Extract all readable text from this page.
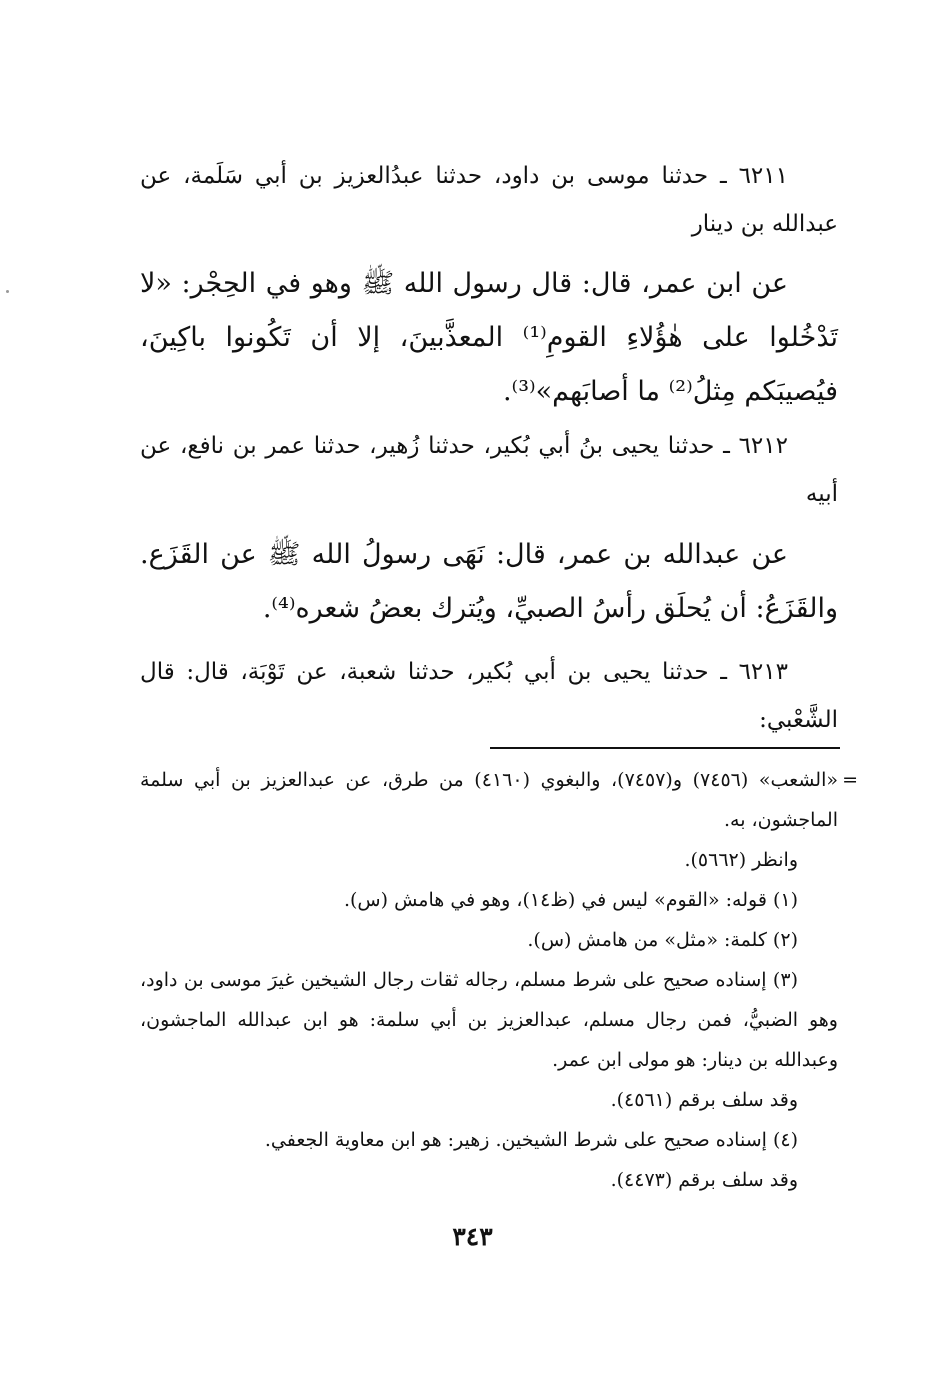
٦٢١١ ـ حدثنا موسى بن داود، حدثنا عبدُالعزيز بن أبي سَلَمة، عن عبدالله بن دينار
عن ابن عمر، قال: قال رسول الله ﷺ وهو في الحِجْر: «لا تَدْخُلوا على هٰؤُلاءِ القومِ⁽¹⁾ المعذَّبينَ، إلا أن تَكُونوا باكِينَ، فيُصيبَكم مِثلُ⁽²⁾ ما أصابَهم»⁽³⁾.
٦٢١٢ ـ حدثنا يحيى بنُ أبي بُكير، حدثنا زُهير، حدثنا عمر بن نافع، عن أبيه
عن عبدالله بن عمر، قال: نَهَى رسولُ الله ﷺ عن القَزَع. والقَزَعُ: أن يُحلَق رأسُ الصبيِّ، ويُترك بعضُ شعره⁽⁴⁾.
٦٢١٣ ـ حدثنا يحيى بن أبي بُكير، حدثنا شعبة، عن تَوْبَة، قال: قال الشَّعْبي:

=
«الشعب» (٧٤٥٦) و(٧٤٥٧)، والبغوي (٤١٦٠) من طرق، عن عبدالعزيز بن أبي سلمة الماجشون، به.

وانظر (٥٦٦٢).

(١) قوله: «القوم» ليس في (ظ١٤)، وهو في هامش (س).

(٢) كلمة: «مثل» من هامش (س).

(٣) إسناده صحيح على شرط مسلم، رجاله ثقات رجال الشيخين غيرَ موسى بن داود، وهو الضبيُّ، فمن رجال مسلم، عبدالعزيز بن أبي سلمة: هو ابن عبدالله الماجشون، وعبدالله بن دينار: هو مولى ابن عمر.

وقد سلف برقم (٤٥٦١).

(٤) إسناده صحيح على شرط الشيخين. زهير: هو ابن معاوية الجعفي.

وقد سلف برقم (٤٤٧٣).

٣٤٣
